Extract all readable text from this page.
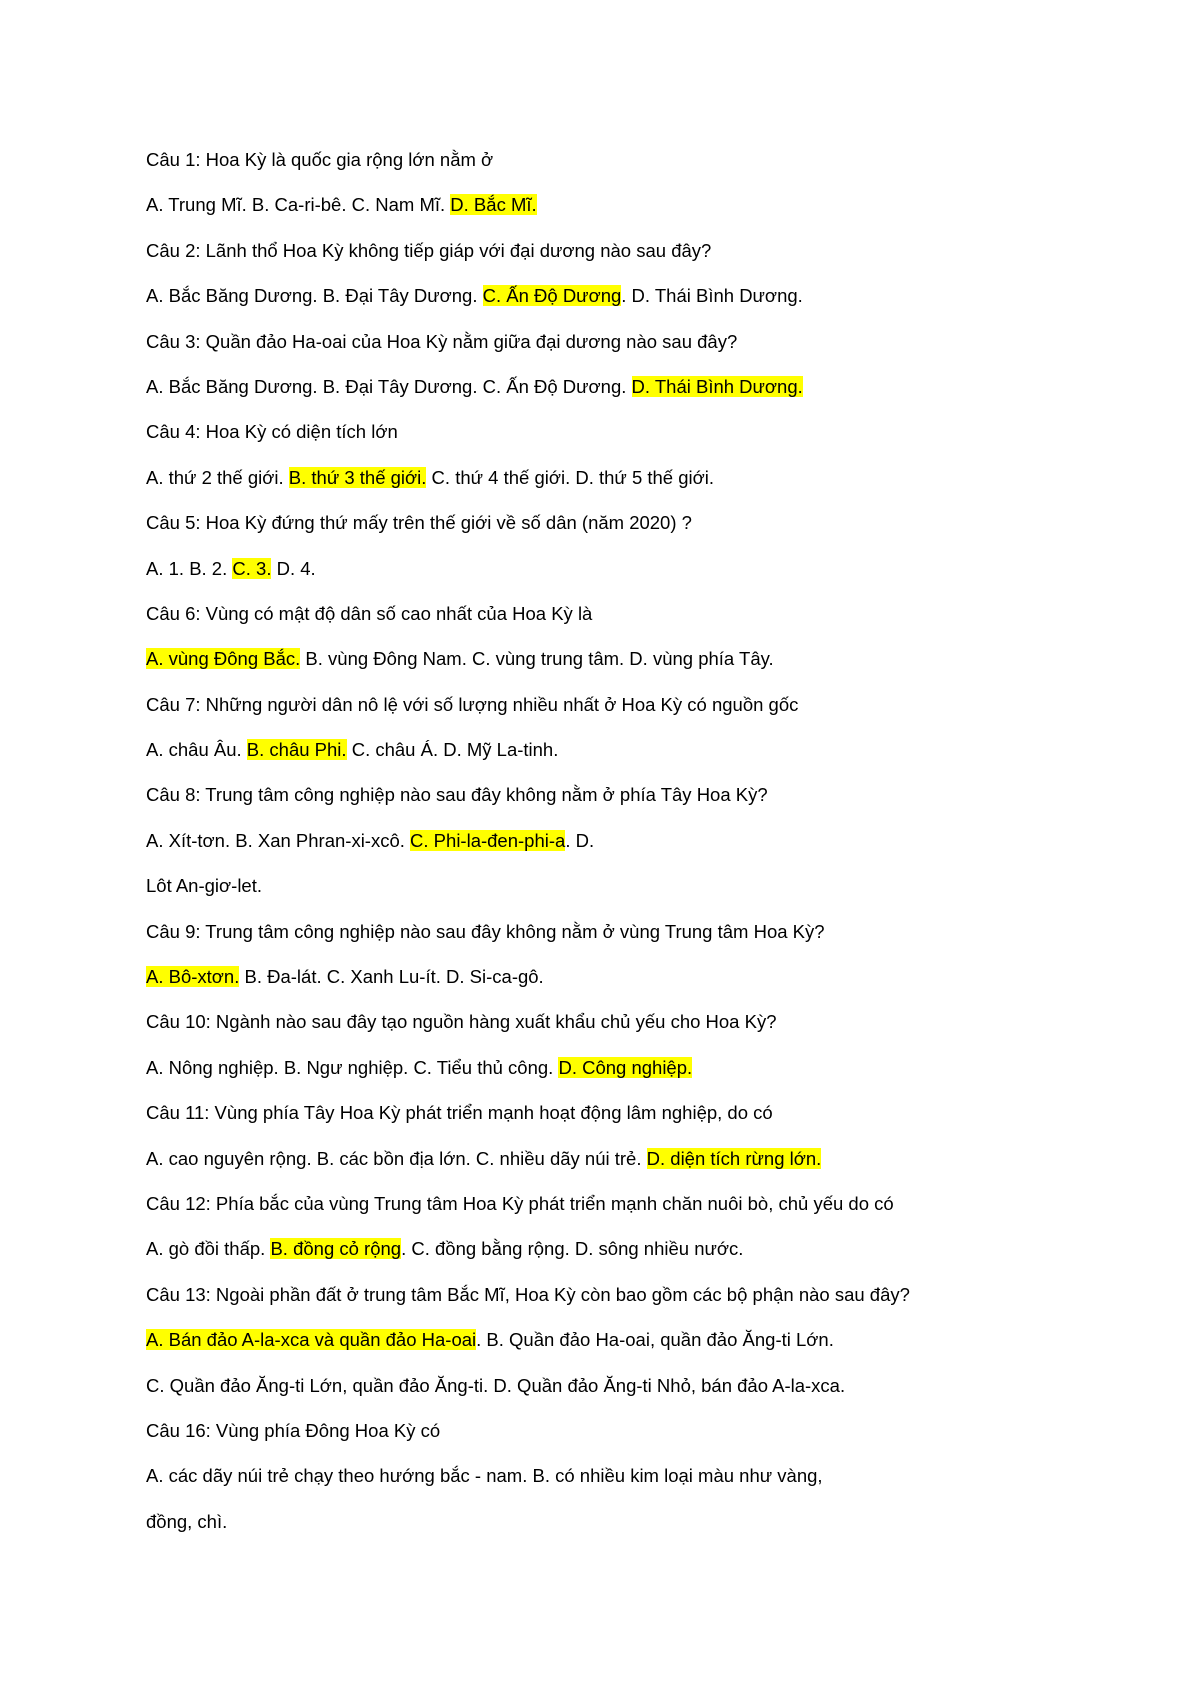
Câu 1: Hoa Kỳ là quốc gia rộng lớn nằm ở
A. Trung Mĩ. B. Ca-ri-bê. C. Nam Mĩ. D. Bắc Mĩ.
Câu 2: Lãnh thổ Hoa Kỳ không tiếp giáp với đại dương nào sau đây?
A. Bắc Băng Dương. B. Đại Tây Dương. C. Ấn Độ Dương. D. Thái Bình Dương.
Câu 3: Quần đảo Ha-oai của Hoa Kỳ nằm giữa đại dương nào sau đây?
A. Bắc Băng Dương. B. Đại Tây Dương. C. Ấn Độ Dương. D. Thái Bình Dương.
Câu 4: Hoa Kỳ có diện tích lớn
A. thứ 2 thế giới. B. thứ 3 thế giới. C. thứ 4 thế giới. D. thứ 5 thế giới.
Câu 5: Hoa Kỳ đứng thứ mấy trên thế giới về số dân (năm 2020) ?
A. 1. B. 2. C. 3. D. 4.
Câu 6: Vùng có mật độ dân số cao nhất của Hoa Kỳ là
A. vùng Đông Bắc. B. vùng Đông Nam. C. vùng trung tâm. D. vùng phía Tây.
Câu 7: Những người dân nô lệ với số lượng nhiều nhất ở Hoa Kỳ có nguồn gốc
A. châu Âu. B. châu Phi. C. châu Á. D. Mỹ La-tinh.
Câu 8: Trung tâm công nghiệp nào sau đây không nằm ở phía Tây Hoa Kỳ?
A. Xít-tơn. B. Xan Phran-xi-xcô. C. Phi-la-đen-phi-a. D.
Lôt An-giơ-let.
Câu 9: Trung tâm công nghiệp nào sau đây không nằm ở vùng Trung tâm Hoa Kỳ?
A. Bô-xtơn. B. Đa-lát. C. Xanh Lu-ít. D. Si-ca-gô.
Câu 10: Ngành nào sau đây tạo nguồn hàng xuất khẩu chủ yếu cho Hoa Kỳ?
A. Nông nghiệp. B. Ngư nghiệp. C. Tiểu thủ công. D. Công nghiệp.
Câu 11: Vùng phía Tây Hoa Kỳ phát triển mạnh hoạt động lâm nghiệp, do có
A. cao nguyên rộng. B. các bồn địa lớn. C. nhiều dãy núi trẻ. D. diện tích rừng lớn.
Câu 12: Phía bắc của vùng Trung tâm Hoa Kỳ phát triển mạnh chăn nuôi bò, chủ yếu do có
A. gò đồi thấp. B. đồng cỏ rộng. C. đồng bằng rộng. D. sông nhiều nước.
Câu 13: Ngoài phần đất ở trung tâm Bắc Mĩ, Hoa Kỳ còn bao gồm các bộ phận nào sau đây?
A. Bán đảo A-la-xca và quần đảo Ha-oai. B. Quần đảo Ha-oai, quần đảo Ăng-ti Lớn.
C. Quần đảo Ăng-ti Lớn, quần đảo Ăng-ti. D. Quần đảo Ăng-ti Nhỏ, bán đảo A-la-xca.
Câu 16: Vùng phía Đông Hoa Kỳ có
A. các dãy núi trẻ chạy theo hướng bắc - nam. B. có nhiều kim loại màu như vàng,
đồng, chì.
